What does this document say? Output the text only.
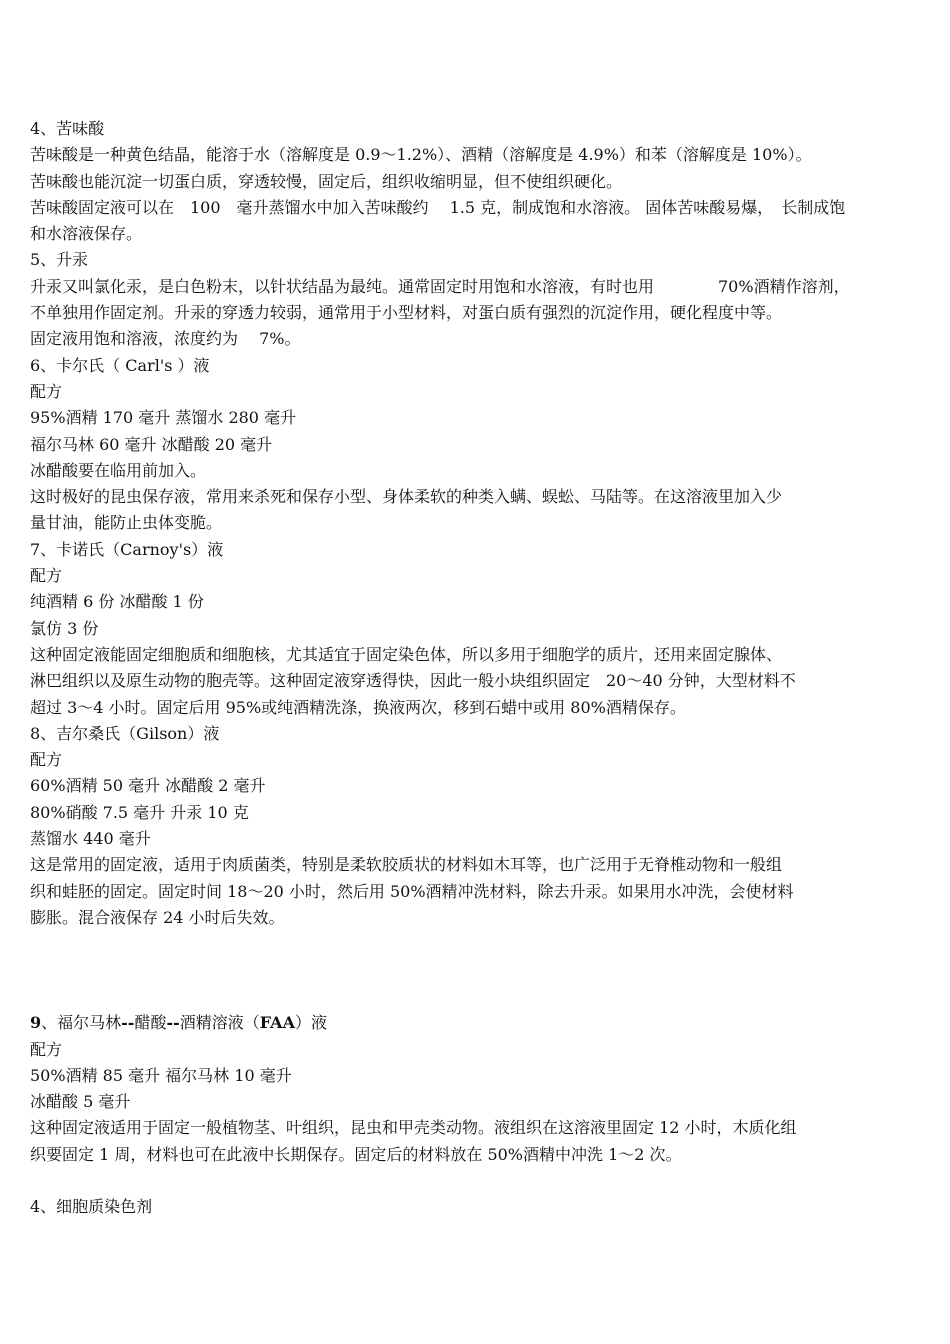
4、苦味酸
苦味酸是一种黄色结晶，能溶于水（溶解度是 0.9～1.2%）、酒精（溶解度是 4.9%）和苯（溶解度是 10%）。
苦味酸也能沉淀一切蛋白质，穿透较慢，固定后，组织收缩明显，但不使组织硬化。
苦味酸固定液可以在　100　毫升蒸馏水中加入苦味酸约　 1.5 克，制成饱和水溶液。 固体苦味酸易爆，　长制成饱
和水溶液保存。
5、升汞
升汞又叫氯化汞，是白色粉末，以针状结晶为最纯。通常固定时用饱和水溶液，有时也用　　　　70%酒精作溶剂，
不单独用作固定剂。升汞的穿透力较弱，通常用于小型材料，对蛋白质有强烈的沉淀作用，硬化程度中等。
固定液用饱和溶液，浓度约为　 7%。
6、卡尔氏（ Carl's ）液
配方
95%酒精 170 毫升 蒸馏水 280 毫升
福尔马林 60 毫升 冰醋酸 20 毫升
冰醋酸要在临用前加入。
这时极好的昆虫保存液，常用来杀死和保存小型、身体柔软的种类入螨、蜈蚣、马陆等。在这溶液里加入少
量甘油，能防止虫体变脆。
7、卡诺氏（Carnoy's）液
配方
纯酒精 6 份 冰醋酸 1 份
氯仿 3 份
这种固定液能固定细胞质和细胞核，尤其适宜于固定染色体，所以多用于细胞学的质片，还用来固定腺体、
淋巴组织以及原生动物的胞壳等。这种固定液穿透得快，因此一般小块组织固定　20～40 分钟，大型材料不
超过 3～4 小时。固定后用 95%或纯酒精洗涤，换液两次，移到石蜡中或用 80%酒精保存。
8、吉尔桑氏（Gilson）液
配方
60%酒精 50 毫升 冰醋酸 2 毫升
80%硝酸 7.5 毫升 升汞 10 克
蒸馏水 440 毫升
这是常用的固定液，适用于肉质菌类，特别是柔软胶质状的材料如木耳等，也广泛用于无脊椎动物和一般组
织和蛙胚的固定。固定时间 18～20 小时，然后用 50%酒精冲洗材料，除去升汞。如果用水冲洗，会使材料
膨胀。混合液保存 24 小时后失效。
9、福尔马林--醋酸--酒精溶液（FAA）液
配方
50%酒精 85 毫升 福尔马林 10 毫升
冰醋酸 5 毫升
这种固定液适用于固定一般植物茎、叶组织，昆虫和甲壳类动物。液组织在这溶液里固定 12 小时，木质化组
织要固定 1 周，材料也可在此液中长期保存。固定后的材料放在 50%酒精中冲洗 1～2 次。
4、细胞质染色剂
